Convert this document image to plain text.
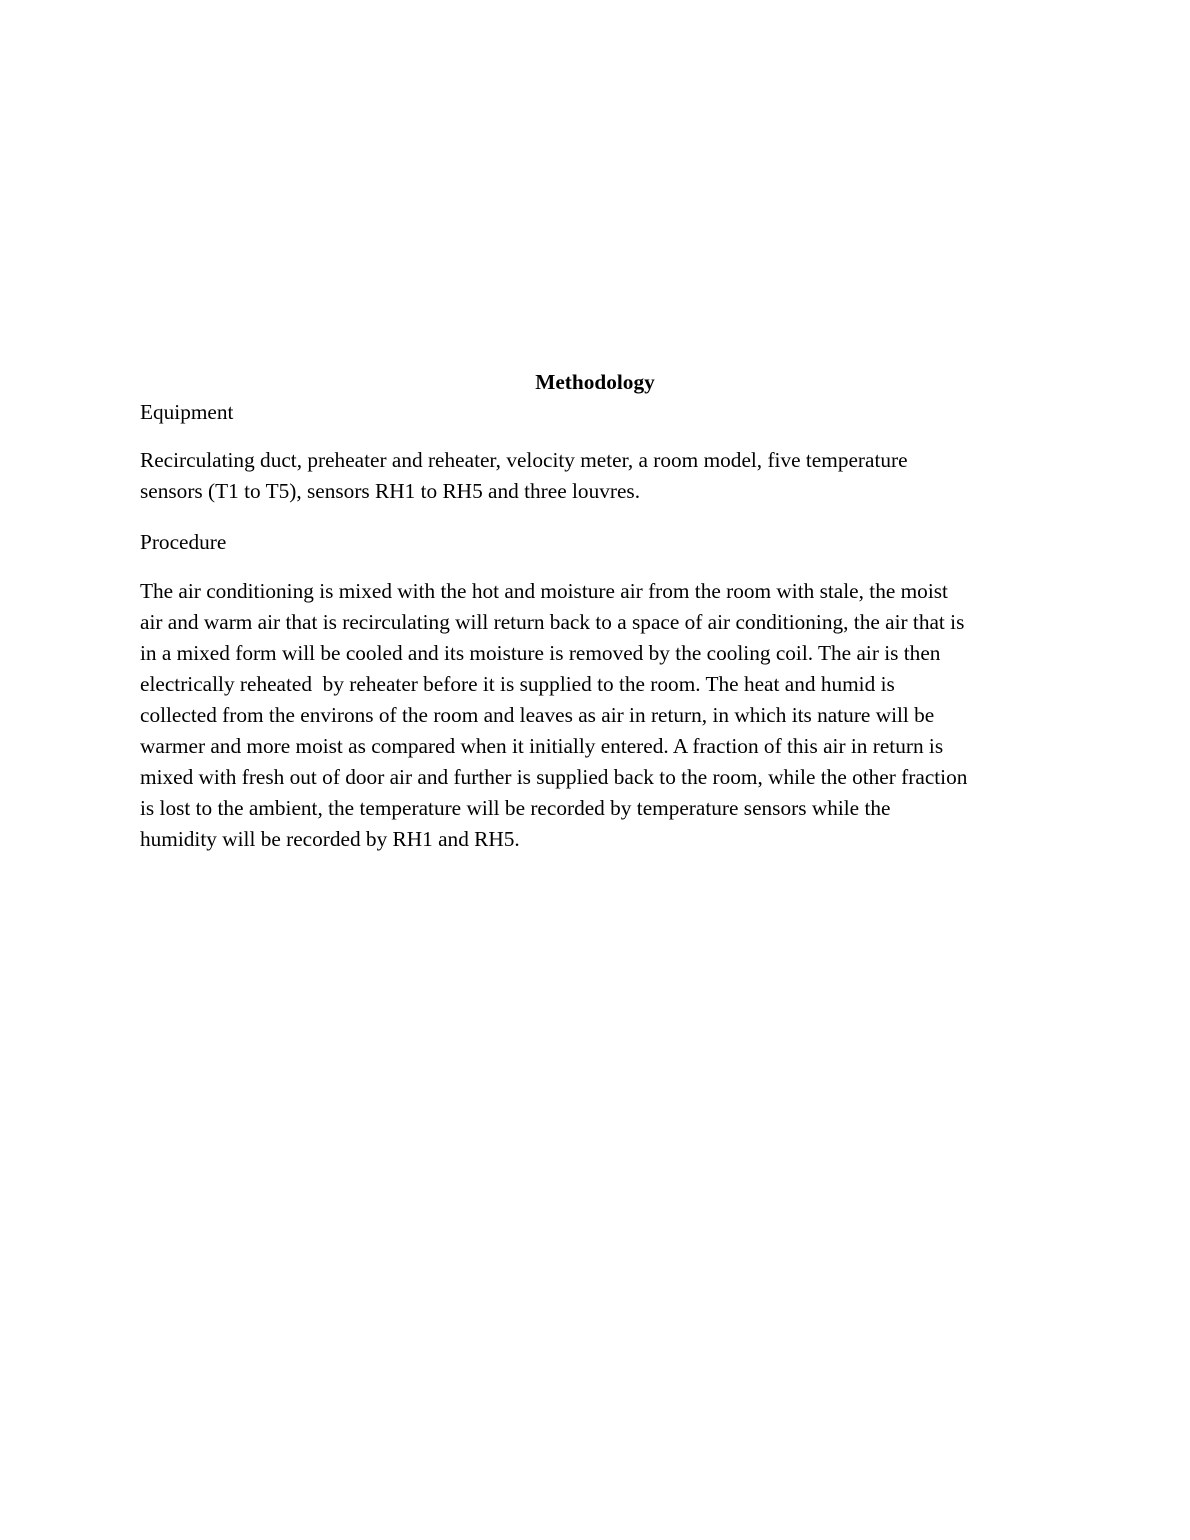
Methodology

Equipment

Recirculating duct, preheater and reheater, velocity meter, a room model, five temperature
sensors (T1 to T5), sensors RH1 to RH5 and three louvres.

Procedure

The air conditioning is mixed with the hot and moisture air from the room with stale, the moist
air and warm air that is recirculating will return back to a space of air conditioning, the air that is
in a mixed form will be cooled and its moisture is removed by the cooling coil. The air is then
electrically reheated  by reheater before it is supplied to the room. The heat and humid is
collected from the environs of the room and leaves as air in return, in which its nature will be
warmer and more moist as compared when it initially entered. A fraction of this air in return is
mixed with fresh out of door air and further is supplied back to the room, while the other fraction
is lost to the ambient, the temperature will be recorded by temperature sensors while the
humidity will be recorded by RH1 and RH5.
